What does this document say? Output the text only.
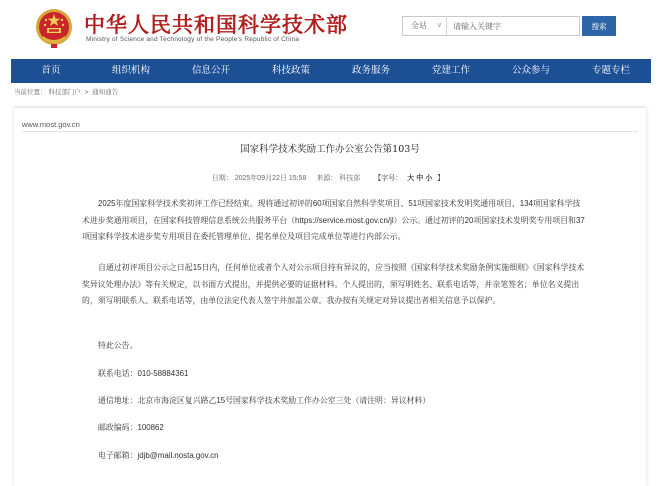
中华人民共和国科学技术部
Ministry of Science and Technology of the People's Republic of China
全站 ∨
请输入关键字	搜索
首页	组织机构	信息公开	科技政策	政务服务	党建工作	公众参与	专题专栏
当前位置： 科技部门户 > 通知通告
www.most.gov.cn
国家科学技术奖励工作办公室公告第103号
日期： 2025年09月22日 15:58 来源： 科技部 【字号： 大 中 小 】
2025年度国家科学技术奖初评工作已经结束。现将通过初评的60项国家自然科学奖项目、51项国家技术发明奖通用项目、134项国家科学技术进步奖通用项目，在国家科技管理信息系统公共服务平台（https://service.most.gov.cn/jl）公示。通过初评的20项国家技术发明奖专用项目和37项国家科学技术进步奖专用项目在委托管理单位、提名单位及项目完成单位等进行内部公示。
自通过初评项目公示之日起15日内，任何单位或者个人对公示项目持有异议的，应当按照《国家科学技术奖励条例实施细则》《国家科学技术奖异议处理办法》等有关规定，以书面方式提出，并提供必要的证据材料。个人提出的，须写明姓名、联系电话等，并亲笔签名；单位名义提出的，须写明联系人、联系电话等，由单位法定代表人签字并加盖公章。我办按有关规定对异议提出者相关信息予以保护。
特此公告。
联系电话：010-58884361
通信地址：北京市海淀区复兴路乙15号国家科学技术奖励工作办公室三处（请注明：异议材料）
邮政编码：100862
电子邮箱：jdjb@mail.nosta.gov.cn
